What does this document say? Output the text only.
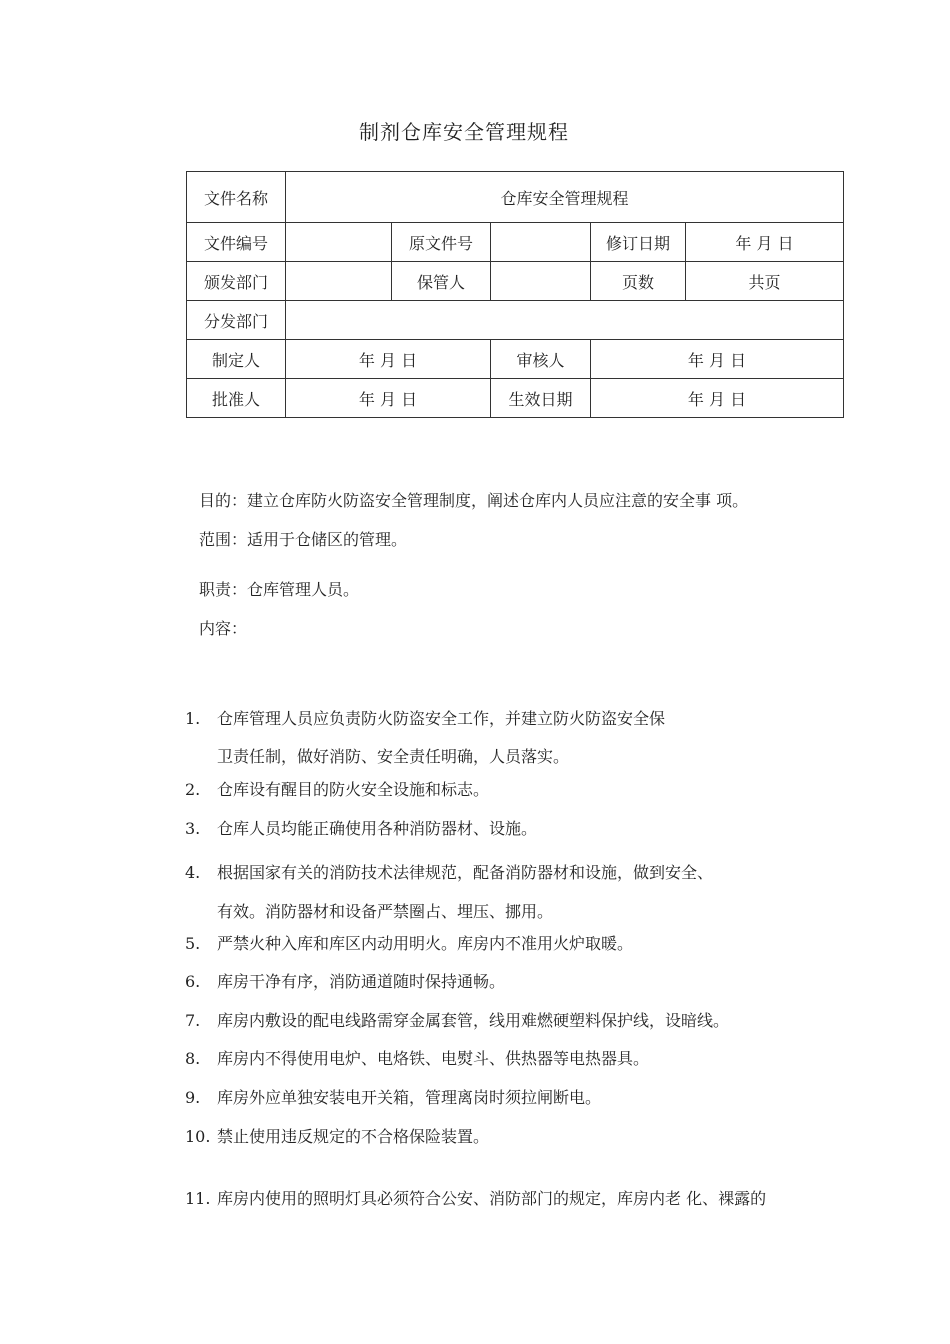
制剂仓库安全管理规程
文件名称	仓库安全管理规程				
文件编号		原文件号		修订日期	年 月 日
颁发部门		保管人		页数	共页
分发部门					
制定人	年 月 日		审核人	年 月 日	
批准人	年 月 日		生效日期	年 月 日	
目的：建立仓库防火防盗安全管理制度，阐述仓库内人员应注意的安全事 项。
范围：适用于仓储区的管理。
职责：仓库管理人员。
内容：
1. 仓库管理人员应负责防火防盗安全工作，并建立防火防盗安全保
卫责任制，做好消防、安全责任明确，人员落实。
2. 仓库设有醒目的防火安全设施和标志。
3. 仓库人员均能正确使用各种消防器材、设施。
4. 根据国家有关的消防技术法律规范，配备消防器材和设施，做到安全、
有效。消防器材和设备严禁圈占、埋压、挪用。
5. 严禁火种入库和库区内动用明火。库房内不准用火炉取暖。
6. 库房干净有序，消防通道随时保持通畅。
7. 库房内敷设的配电线路需穿金属套管，线用难燃硬塑料保护线，设暗线。
8. 库房内不得使用电炉、电烙铁、电熨斗、供热器等电热器具。
9. 库房外应单独安装电开关箱，管理离岗时须拉闸断电。
10. 禁止使用违反规定的不合格保险装置。
11. 库房内使用的照明灯具必须符合公安、消防部门的规定，库房内老 化、裸露的
